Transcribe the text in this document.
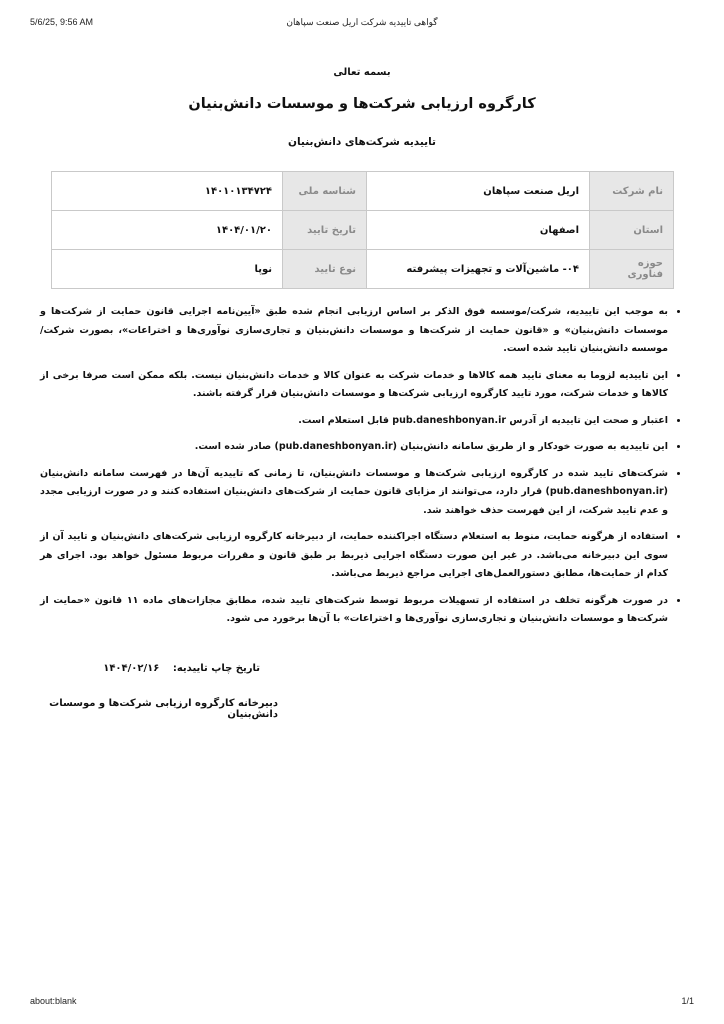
5/6/25, 9:56 AM	گواهی تاییدیه شرکت اریل صنعت سپاهان
بسمه تعالی
کارگروه ارزیابی شرکت‌ها و موسسات دانش‌بنیان
تاییدیه شرکت‌های دانش‌بنیان
نام شرکت	اریل صنعت سپاهان	شناسه ملی	۱۴۰۱۰۱۳۴۷۲۴
استان	اصفهان	تاریخ تایید	۱۴۰۴/۰۱/۲۰
حوزه فناوری	۰۴- ماشین‌آلات و تجهیزات پیشرفته	نوع تایید	نوپا
• به موجب این تاییدیه، شرکت/موسسه فوق الذکر بر اساس ارزیابی انجام شده طبق «آیین‌نامه اجرایی قانون حمایت از شرکت‌ها و موسسات دانش‌بنیان» و «قانون حمایت از شرکت‌ها و موسسات دانش‌بنیان و تجاری‌سازی نوآوری‌ها و اختراعات»، بصورت شرکت/موسسه دانش‌بنیان تایید شده است.
• این تاییدیه لزوما به معنای تایید همه کالاها و خدمات شرکت به عنوان کالا و خدمات دانش‌بنیان نیست. بلکه ممکن است صرفا برخی از کالاها و خدمات شرکت، مورد تایید کارگروه ارزیابی شرکت‌ها و موسسات دانش‌بنیان قرار گرفته باشند.
• اعتبار و صحت این تاییدیه از آدرس pub.daneshbonyan.ir قابل استعلام است.
• این تاییدیه به صورت خودکار و از طریق سامانه دانش‌بنیان (pub.daneshbonyan.ir) صادر شده است.
• شرکت‌های تایید شده در کارگروه ارزیابی شرکت‌ها و موسسات دانش‌بنیان، تا زمانی که تاییدیه آن‌ها در فهرست سامانه دانش‌بنیان (pub.daneshbonyan.ir) قرار دارد، می‌توانند از مزایای قانون حمایت از شرکت‌های دانش‌بنیان استفاده کنند و در صورت ارزیابی مجدد و عدم تایید شرکت، از این فهرست حذف خواهند شد.
• استفاده از هرگونه حمایت، منوط به استعلام دستگاه اجراکننده حمایت، از دبیرخانه کارگروه ارزیابی شرکت‌های دانش‌بنیان و تایید آن از سوی این دبیرخانه می‌باشد. در غیر این صورت دستگاه اجرایی ذیربط بر طبق قانون و مقررات مربوط مسئول خواهد بود. اجرای هر کدام از حمایت‌ها، مطابق دستورالعمل‌های اجرایی مراجع ذیربط می‌باشد.
• در صورت هرگونه تخلف در استفاده از تسهیلات مربوط توسط شرکت‌های تایید شده، مطابق مجازات‌های ماده ۱۱ قانون «حمایت از شرکت‌ها و موسسات دانش‌بنیان و تجاری‌سازی نوآوری‌ها و اختراعات» با آن‌ها برخورد می شود.
تاریخ چاپ تاییدیه: ۱۴۰۴/۰۲/۱۶
دبیرخانه کارگروه ارزیابی شرکت‌ها و موسسات دانش‌بنیان
about:blank	1/1
